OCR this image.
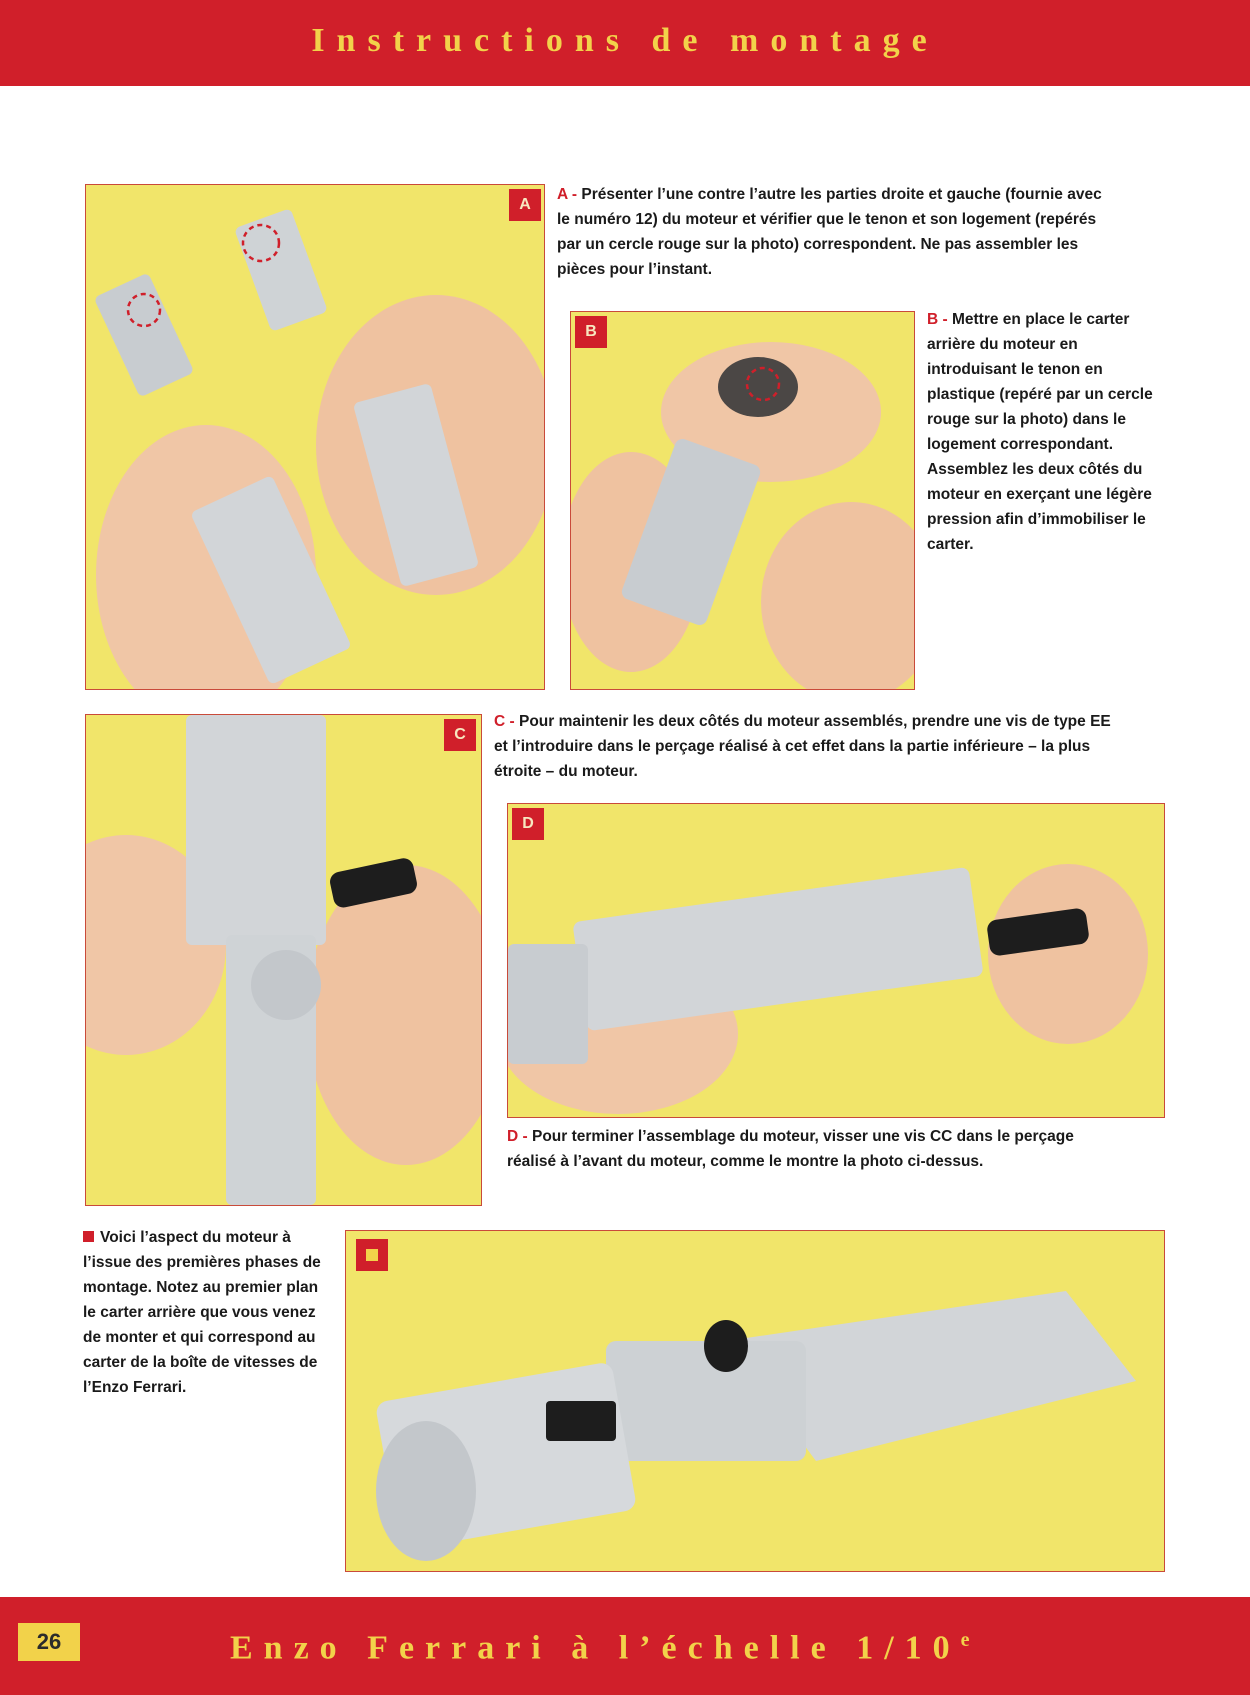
Instructions de montage
A
A - Présenter l’une contre l’autre les parties droite et gauche (fournie avec le numéro 12) du moteur et vérifier que le tenon et son logement (repérés par un cercle rouge sur la photo) correspondent. Ne pas assembler les pièces pour l’instant.
B
B - Mettre en place le carter arrière du moteur en introduisant le tenon en plastique (repéré par un cercle rouge sur la photo) dans le logement correspondant. Assemblez les deux côtés du moteur en exerçant une légère pression afin d’immobiliser le carter.
C
C - Pour maintenir les deux côtés du moteur assemblés, prendre une vis de type EE et l’introduire dans le perçage réalisé à cet effet dans la partie inférieure – la plus étroite – du moteur.
D
D - Pour terminer l’assemblage du moteur, visser une vis CC dans le perçage réalisé à l’avant du moteur, comme le montre la photo ci-dessus.
Voici l’aspect du moteur à l’issue des premières phases de montage. Notez au premier plan le carter arrière que vous venez de monter et qui correspond au carter de la boîte de vitesses de l’Enzo Ferrari.
Enzo Ferrari à l’échelle 1/10e
26
